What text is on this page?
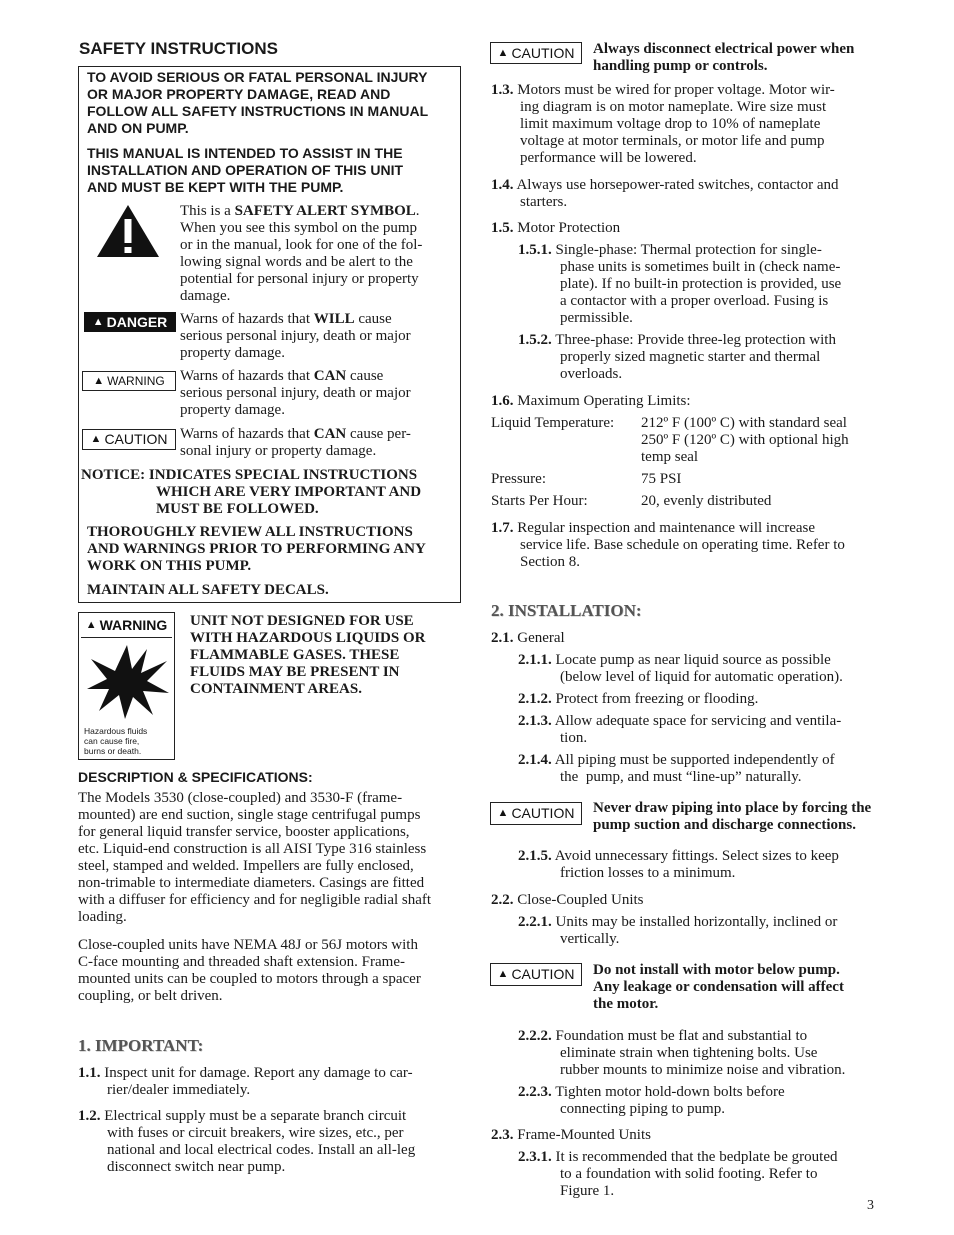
SAFETY INSTRUCTIONS
TO AVOID SERIOUS OR FATAL PERSONAL INJURY
OR MAJOR PROPERTY DAMAGE, READ AND
FOLLOW ALL SAFETY INSTRUCTIONS IN MANUAL
AND ON PUMP.
THIS MANUAL IS INTENDED TO ASSIST IN THE
INSTALLATION AND OPERATION OF THIS UNIT
AND MUST BE KEPT WITH THE PUMP.
This is a SAFETY ALERT SYMBOL.
When you see this symbol on the pump
or in the manual, look for one of the fol-
lowing signal words and be alert to the
potential for personal injury or property
damage.
▲ DANGER Warns of hazards that WILL cause
serious personal injury, death or major
property damage.
▲ WARNING Warns of hazards that CAN cause
serious personal injury, death or major
property damage.
▲ CAUTION Warns of hazards that CAN cause per-
sonal injury or property damage.
NOTICE: INDICATES SPECIAL INSTRUCTIONS
WHICH ARE VERY IMPORTANT AND
MUST BE FOLLOWED.
THOROUGHLY REVIEW ALL INSTRUCTIONS
AND WARNINGS PRIOR TO PERFORMING ANY
WORK ON THIS PUMP.
MAINTAIN ALL SAFETY DECALS.
▲ WARNING
Hazardous fluids
can cause fire,
burns or death.
UNIT NOT DESIGNED FOR USE
WITH HAZARDOUS LIQUIDS OR
FLAMMABLE GASES. THESE
FLUIDS MAY BE PRESENT IN
CONTAINMENT AREAS.
DESCRIPTION & SPECIFICATIONS:
The Models 3530 (close-coupled) and 3530-F (frame-
mounted) are end suction, single stage centrifugal pumps
for general liquid transfer service, booster applications,
etc. Liquid-end construction is all AISI Type 316 stainless
steel, stamped and welded. Impellers are fully enclosed,
non-trimable to intermediate diameters. Casings are fitted
with a diffuser for efficiency and for negligible radial shaft
loading.
Close-coupled units have NEMA 48J or 56J motors with
C-face mounting and threaded shaft extension. Frame-
mounted units can be coupled to motors through a spacer
coupling, or belt driven.
1. IMPORTANT:
1.1. Inspect unit for damage. Report any damage to car-
rier/dealer immediately.
1.2. Electrical supply must be a separate branch circuit
with fuses or circuit breakers, wire sizes, etc., per
national and local electrical codes. Install an all-leg
disconnect switch near pump.
▲ CAUTION Always disconnect electrical power when
handling pump or controls.
1.3. Motors must be wired for proper voltage. Motor wir-
ing diagram is on motor nameplate. Wire size must
limit maximum voltage drop to 10% of nameplate
voltage at motor terminals, or motor life and pump
performance will be lowered.
1.4. Always use horsepower-rated switches, contactor and
starters.
1.5. Motor Protection
1.5.1. Single-phase: Thermal protection for single-
phase units is sometimes built in (check name-
plate). If no built-in protection is provided, use
a contactor with a proper overload. Fusing is
permissible.
1.5.2. Three-phase: Provide three-leg protection with
properly sized magnetic starter and thermal
overloads.
1.6. Maximum Operating Limits:
Liquid Temperature: 212º F (100º C) with standard seal
250º F (120º C) with optional high
temp seal
Pressure:	75 PSI
Starts Per Hour:	20, evenly distributed
1.7. Regular inspection and maintenance will increase
service life. Base schedule on operating time. Refer to
Section 8.
2. INSTALLATION:
2.1. General
2.1.1. Locate pump as near liquid source as possible
(below level of liquid for automatic operation).
2.1.2. Protect from freezing or flooding.
2.1.3. Allow adequate space for servicing and ventila-
tion.
2.1.4. All piping must be supported independently of
the  pump, and must “line-up” naturally.
▲ CAUTION Never draw piping into place by forcing the
pump suction and discharge connections.
2.1.5. Avoid unnecessary fittings. Select sizes to keep
friction losses to a minimum.
2.2. Close-Coupled Units
2.2.1. Units may be installed horizontally, inclined or
vertically.
▲ CAUTION Do not install with motor below pump.
Any leakage or condensation will affect
the motor.
2.2.2. Foundation must be flat and substantial to
eliminate strain when tightening bolts. Use
rubber mounts to minimize noise and vibration.
2.2.3. Tighten motor hold-down bolts before
connecting piping to pump.
2.3. Frame-Mounted Units
2.3.1. It is recommended that the bedplate be grouted
to a foundation with solid footing. Refer to
Figure 1.
3
